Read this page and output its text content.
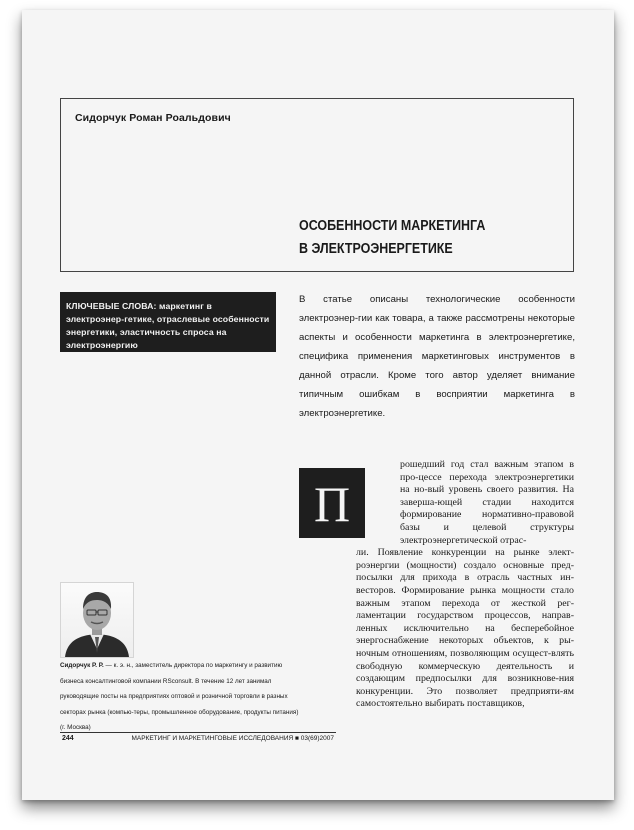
Сидорчук Роман Роальдович

ОСОБЕННОСТИ МАРКЕТИНГА
В ЭЛЕКТРОЭНЕРГЕТИКЕ
КЛЮЧЕВЫЕ СЛОВА: маркетинг в электроэнер-гетике, отраслевые особенности энергетики, эластичность спроса на электроэнергию

В статье описаны технологические особенности электроэнер-гии как товара, а также рассмотрены некоторые аспекты и особенности маркетинга в электроэнергетике, специфика применения маркетинговых инструментов в данной отрасли. Кроме того автор уделяет внимание типичным ошибкам в восприятии маркетинга в электроэнергетике.

П

рошедший год стал важным этапом в про-цессе перехода электроэнергетики на но-вый уровень своего развития. На заверша-ющей стадии находится формирование нормативно-правовой базы и целевой структуры электроэнергетической отрас-

ли. Появление конкуренции на рынке элект-роэнергии (мощности) создало основные пред-посылки для прихода в отрасль частных ин-весторов. Формирование рынка мощности стало важным этапом перехода от жесткой рег-ламентации государством процессов, направ-ленных исключительно на бесперебойное энергоснабжение некоторых объектов, к ры-ночным отношениям, позволяющим осущест-влять свободную коммерческую деятельность и создающим предпосылки для возникнове-ния конкуренции. Это позволяет предприяти-ям самостоятельно выбирать поставщиков,

Сидорчук Р. Р. — к. э. н., заместитель директора по маркетингу и развитию бизнеса консалтинговой компании RSconsult. В течение 12 лет занимал руководящие посты на предприятиях оптовой и розничной торговли в разных секторах рынка (компью-теры, промышленное оборудование, продукты питания) (г. Москва)

244	МАРКЕТИНГ И МАРКЕТИНГОВЫЕ ИССЛЕДОВАНИЯ ■ 03(69)2007
